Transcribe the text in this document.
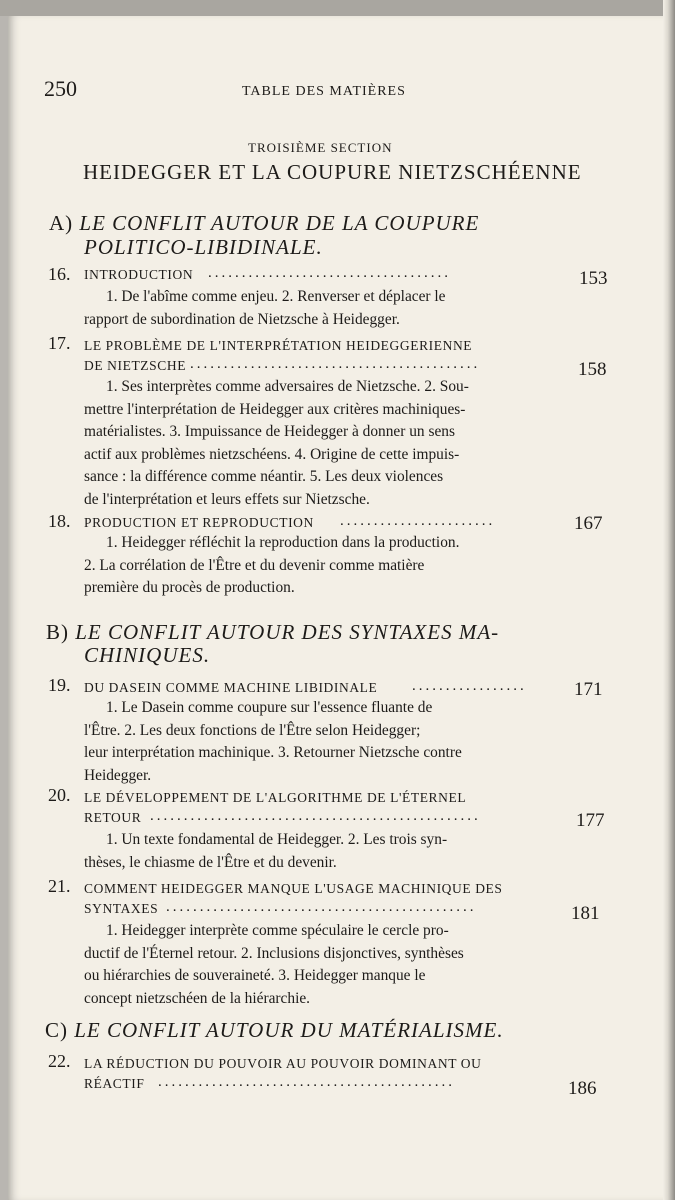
250	TABLE DES MATIÈRES
TROISIÈME SECTION
HEIDEGGER ET LA COUPURE NIETZSCHÉENNE
A) LE CONFLIT AUTOUR DE LA COUPURE
POLITICO-LIBIDINALE.
16. INTRODUCTION ....................................	153

1. De l'abîme comme enjeu. 2. Renverser et déplacer le

rapport de subordination de Nietzsche à Heidegger.

17. LE PROBLÈME DE L'INTERPRÉTATION HEIDEGGERIENNE
DE NIETZSCHE ...........................................	158

1. Ses interprètes comme adversaires de Nietzsche. 2. Sou-

mettre l'interprétation de Heidegger aux critères machiniques-

matérialistes. 3. Impuissance de Heidegger à donner un sens

actif aux problèmes nietzschéens. 4. Origine de cette impuis-

sance : la différence comme néantir. 5. Les deux violences

de l'interprétation et leurs effets sur Nietzsche.

18. PRODUCTION ET REPRODUCTION .......................	167

1. Heidegger réfléchit la reproduction dans la production.

2. La corrélation de l'Être et du devenir comme matière

première du procès de production.

B) LE CONFLIT AUTOUR DES SYNTAXES MA-
CHINIQUES.
19. DU DASEIN COMME MACHINE LIBIDINALE ................. 171

1. Le Dasein comme coupure sur l'essence fluante de

l'Être. 2. Les deux fonctions de l'Être selon Heidegger;

leur interprétation machinique. 3. Retourner Nietzsche contre

Heidegger.

20. LE DÉVELOPPEMENT DE L'ALGORITHME DE L'ÉTERNEL
RETOUR .................................................	177

1. Un texte fondamental de Heidegger. 2. Les trois syn-

thèses, le chiasme de l'Être et du devenir.

21. COMMENT HEIDEGGER MANQUE L'USAGE MACHINIQUE DES
SYNTAXES ..............................................	181

1. Heidegger interprète comme spéculaire le cercle pro-

ductif de l'Éternel retour. 2. Inclusions disjonctives, synthèses

ou hiérarchies de souveraineté. 3. Heidegger manque le

concept nietzschéen de la hiérarchie.

C) LE CONFLIT AUTOUR DU MATÉRIALISME.
22. LA RÉDUCTION DU POUVOIR AU POUVOIR DOMINANT OU
RÉACTIF ............................................	186
